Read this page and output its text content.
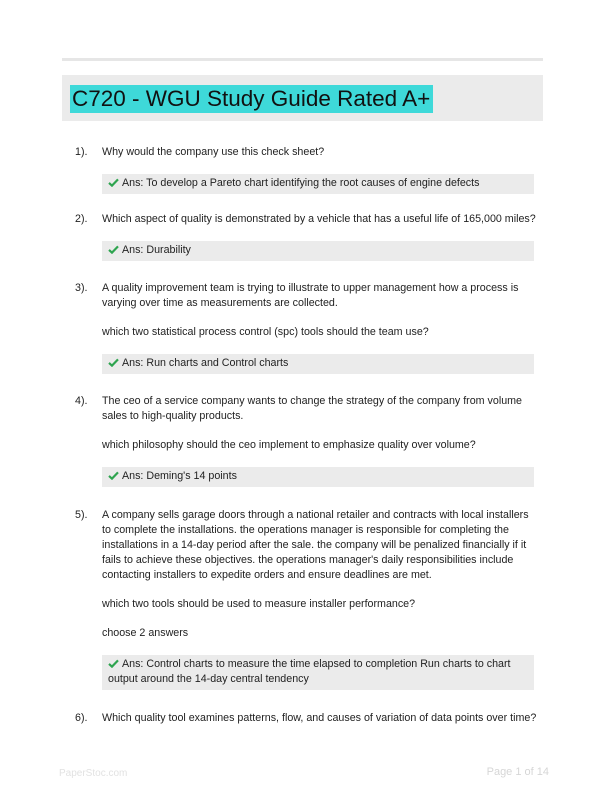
C720 - WGU Study Guide Rated A+
1).	Why would the company use this check sheet?

Ans: To develop a Pareto chart identifying the root causes of engine defects
2).	Which aspect of quality is demonstrated by a vehicle that has a useful life of 165,000 miles?

Ans: Durability
3).	A quality improvement team is trying to illustrate to upper management how a process is varying over time as measurements are collected.

which two statistical process control (spc) tools should the team use?

Ans: Run charts and Control charts
4).	The ceo of a service company wants to change the strategy of the company from volume sales to high-quality products.

which philosophy should the ceo implement to emphasize quality over volume?

Ans: Deming's 14 points
5).	A company sells garage doors through a national retailer and contracts with local installers to complete the installations. the operations manager is responsible for completing the installations in a 14-day period after the sale. the company will be penalized financially if it fails to achieve these objectives. the operations manager's daily responsibilities include contacting installers to expedite orders and ensure deadlines are met.

which two tools should be used to measure installer performance?

choose 2 answers

Ans: Control charts to measure the time elapsed to completion Run charts to chart output around the 14-day central tendency
6).	Which quality tool examines patterns, flow, and causes of variation of data points over time?

PaperStoc.com	Page 1 of 14
